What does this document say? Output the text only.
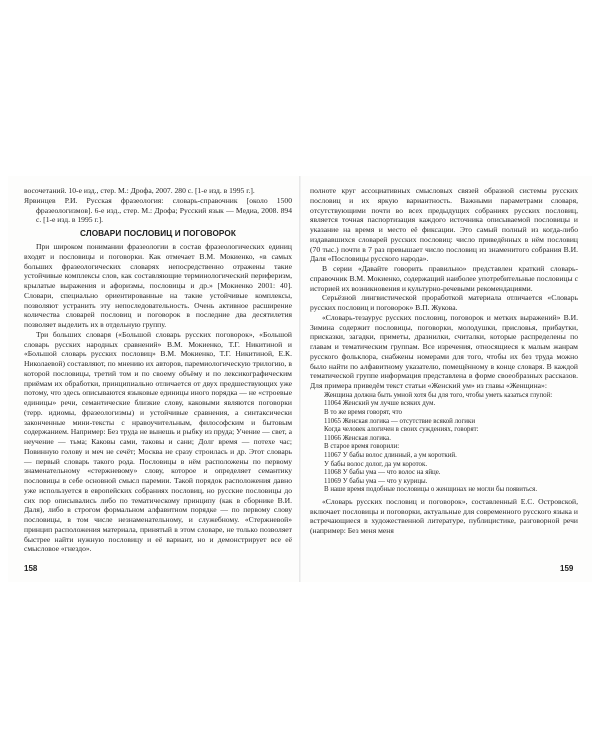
восочетаний. 10-е изд., стер. М.: Дрофа, 2007. 280 с. [1-е изд. в 1995 г.].

Ярвинцев Р.И. Русская фразеология: словарь-справочник [около 1500 фразеологизмов]. 6-е изд., стер. М.: Дрофа; Русский язык — Медиа, 2008. 894 с. [1-е изд. в 1995 г.].

СЛОВАРИ ПОСЛОВИЦ И ПОГОВОРОК

При широком понимании фразеологии в состав фразеологических единиц входят и пословицы и поговорки. Как отмечает В.М. Мокиенко, «в самых больших фразеологических словарях непосредственно отражены такие устойчивые комплексы слов, как составляющие терминологический периферизм, крылатые выражения и афоризмы, пословицы и др.» [Мокиенко 2001: 40]. Словари, специально ориентированные на такие устойчивые комплексы, позволяют устранить эту непоследовательность. Очень активное расширение количества словарей пословиц и поговорок в последние два десятилетия позволяет выделить их в отдельную группу.

Три больших словаря («Большой словарь русских поговорок», «Большой словарь русских народных сравнений» В.М. Мокиенко, Т.Г. Никитиной и «Большой словарь русских пословиц» В.М. Мокиенко, Т.Г. Никитиной, Е.К. Николаевой) составляют, по мнению их авторов, паремиологическую трилогию, в которой пословицы, третий том и по своему объёму и по лексикографическим приёмам их обработки, принципиально отличается от двух предшествующих уже потому, что здесь описываются языковые единицы иного порядка — не «строевые единицы» речи, семантические близкие слову, каковыми являются поговорки (терр. идиомы, фразеологизмы) и устойчивые сравнения, а синтаксически законченные мини-тексты с нравоучительным, философским и бытовым содержанием. Например: Без труда не вынешь и рыбку из пруда; Учение — свет, а неучение — тьма; Каковы сами, таковы и сани; Долг время — потехе час; Повинную голову и меч не сечёт; Москва не сразу строилась и др. Этот словарь — первый словарь такого рода. Пословицы в нём расположены по первому знаменательному «стержневому» слову, которое и определяет семантику пословицы в себе основной смысл паремии. Такой порядок расположения давно уже используется в европейских собраниях пословиц, но русские пословицы до сих пор описывались либо по тематическому принципу (как в сборнике В.И. Даля), либо в строгом формальном алфавитном порядке — по первому слову пословицы, в том числе незнаменательному, и служебному. «Стержневой» принцип расположения материала, принятый в этом словаре, не только позволяет быстрее найти нужную пословицу и её вариант, но и демонстрирует все её смысловое «гнездо».

полноте круг ассоциативных смысловых связей образной системы русских пословиц и их яркую вариантность. Важными параметрами словаря, отсутствующими почти во всех предыдущих собраниях русских пословиц, является точная паспортизация каждого источника описываемой пословицы и указание на время и место её фиксации. Это самый полный из когда-либо издававшихся словарей русских пословиц: число приведённых в нём пословиц (70 тыс.) почти в 7 раз превышает число пословиц из знаменитого собрания В.И. Даля «Пословицы русского народа».

В серии «Давайте говорить правильно» представлен краткий словарь-справочник В.М. Мокиенко, содержащий наиболее употребительные пословицы с историей их возникновения и культурно-речевыми рекомендациями.

Серьёзной лингвистической проработкой материала отличается «Словарь русских пословиц и поговорок» В.П. Жукова.

«Словарь-тезаурус русских пословиц, поговорок и метких выражений» В.И. Зимина содержит пословицы, поговорки, молодушки, присловья, прибаутки, присказки, загадки, приметы, дразнилки, считалки, которые распределены по главам и тематическим группам. Все изречения, относящиеся к малым жанрам русского фольклора, снабжены номерами для того, чтобы их без труда можно было найти по алфавитному указателю, помещённому в конце словаря. В каждой тематической группе информация представлена в форме своеобразных рассказов. Для примера приведём текст статьи «Женский ум» из главы «Женщина»:

Женщина должна быть умной хотя бы для того, чтобы уметь казаться глупой:
11064 Женский ум лучше всяких дум.
В то же время говорят, что
11065 Женская логика — отсутствие всякой логики
Когда человек алогичен в своих суждениях, говорят:
11066 Женская логика.
В старое время говорили:
11067 У бабы волос длинный, а ум короткий.
У бабы волос долог, да ум короток.
11068 У бабы ума — что волос на яйце.
11069 У бабы ума — что у курицы.
В наше время подобные пословицы о женщинах не могли бы появиться.

«Словарь русских пословиц и поговорок», составленный Е.С. Островской, включает пословицы и поговорки, актуальные для современного русского языка и встречающиеся в художественной литературе, публицистике, разговорной речи (например: Без меня меня

158	159
